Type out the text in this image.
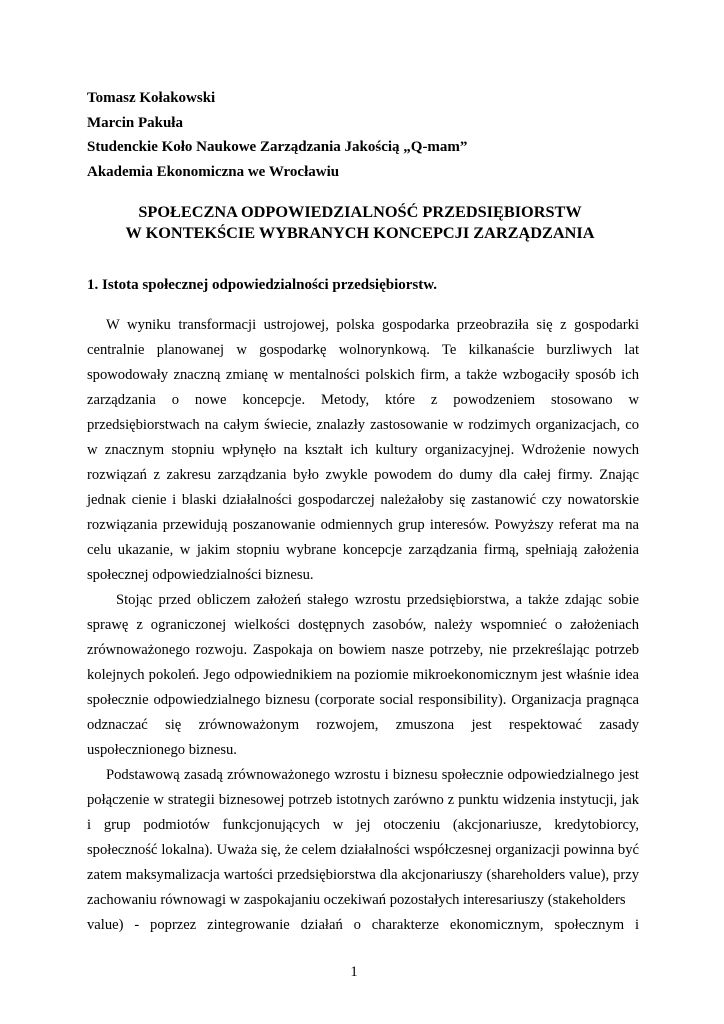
Tomasz Kołakowski
Marcin Pakuła
Studenckie Koło Naukowe Zarządzania Jakością „Q-mam”
Akademia Ekonomiczna we Wrocławiu
SPOŁECZNA ODPOWIEDZIALNOŚĆ PRZEDSIĘBIORSTW
W KONTEKŚCIE WYBRANYCH KONCEPCJI ZARZĄDZANIA
1. Istota społecznej odpowiedzialności przedsiębiorstw.

W wyniku transformacji ustrojowej, polska gospodarka przeobraziła się z gospodarki centralnie planowanej w gospodarkę wolnorynkową. Te kilkanaście burzliwych lat spowodowały znaczną zmianę w mentalności polskich firm, a także wzbogaciły sposób ich zarządzania o nowe koncepcje. Metody, które z powodzeniem stosowano w przedsiębiorstwach na całym świecie, znalazły zastosowanie w rodzimych organizacjach, co w znacznym stopniu wpłynęło na kształt ich kultury organizacyjnej. Wdrożenie nowych rozwiązań z zakresu zarządzania było zwykle powodem do dumy dla całej firmy. Znając jednak cienie i blaski działalności gospodarczej należałoby się zastanowić czy nowatorskie rozwiązania przewidują poszanowanie odmiennych grup interesów. Powyższy referat ma na celu ukazanie, w jakim stopniu wybrane koncepcje zarządzania firmą, spełniają założenia społecznej odpowiedzialności biznesu.

Stojąc przed obliczem założeń stałego wzrostu przedsiębiorstwa, a także zdając sobie sprawę z ograniczonej wielkości dostępnych zasobów, należy wspomnieć o założeniach zrównoważonego rozwoju. Zaspokaja on bowiem nasze potrzeby, nie przekreślając potrzeb kolejnych pokoleń. Jego odpowiednikiem na poziomie mikroekonomicznym jest właśnie idea społecznie odpowiedzialnego biznesu (corporate social responsibility). Organizacja pragnąca odznaczać się zrównoważonym rozwojem, zmuszona jest respektować zasady uspołecznionego biznesu.

Podstawową zasadą zrównoważonego wzrostu i biznesu społecznie odpowiedzialnego jest połączenie w strategii biznesowej potrzeb istotnych zarówno z punktu widzenia instytucji, jak i grup podmiotów funkcjonujących w jej otoczeniu (akcjonariusze, kredytobiorcy, społeczność lokalna). Uważa się, że celem działalności współczesnej organizacji powinna być zatem maksymalizacja wartości przedsiębiorstwa dla akcjonariuszy (shareholders value), przy zachowaniu równowagi w zaspokajaniu oczekiwań pozostałych interesariuszy (stakeholders

value) - poprzez zintegrowanie działań o charakterze ekonomicznym, społecznym i

1
